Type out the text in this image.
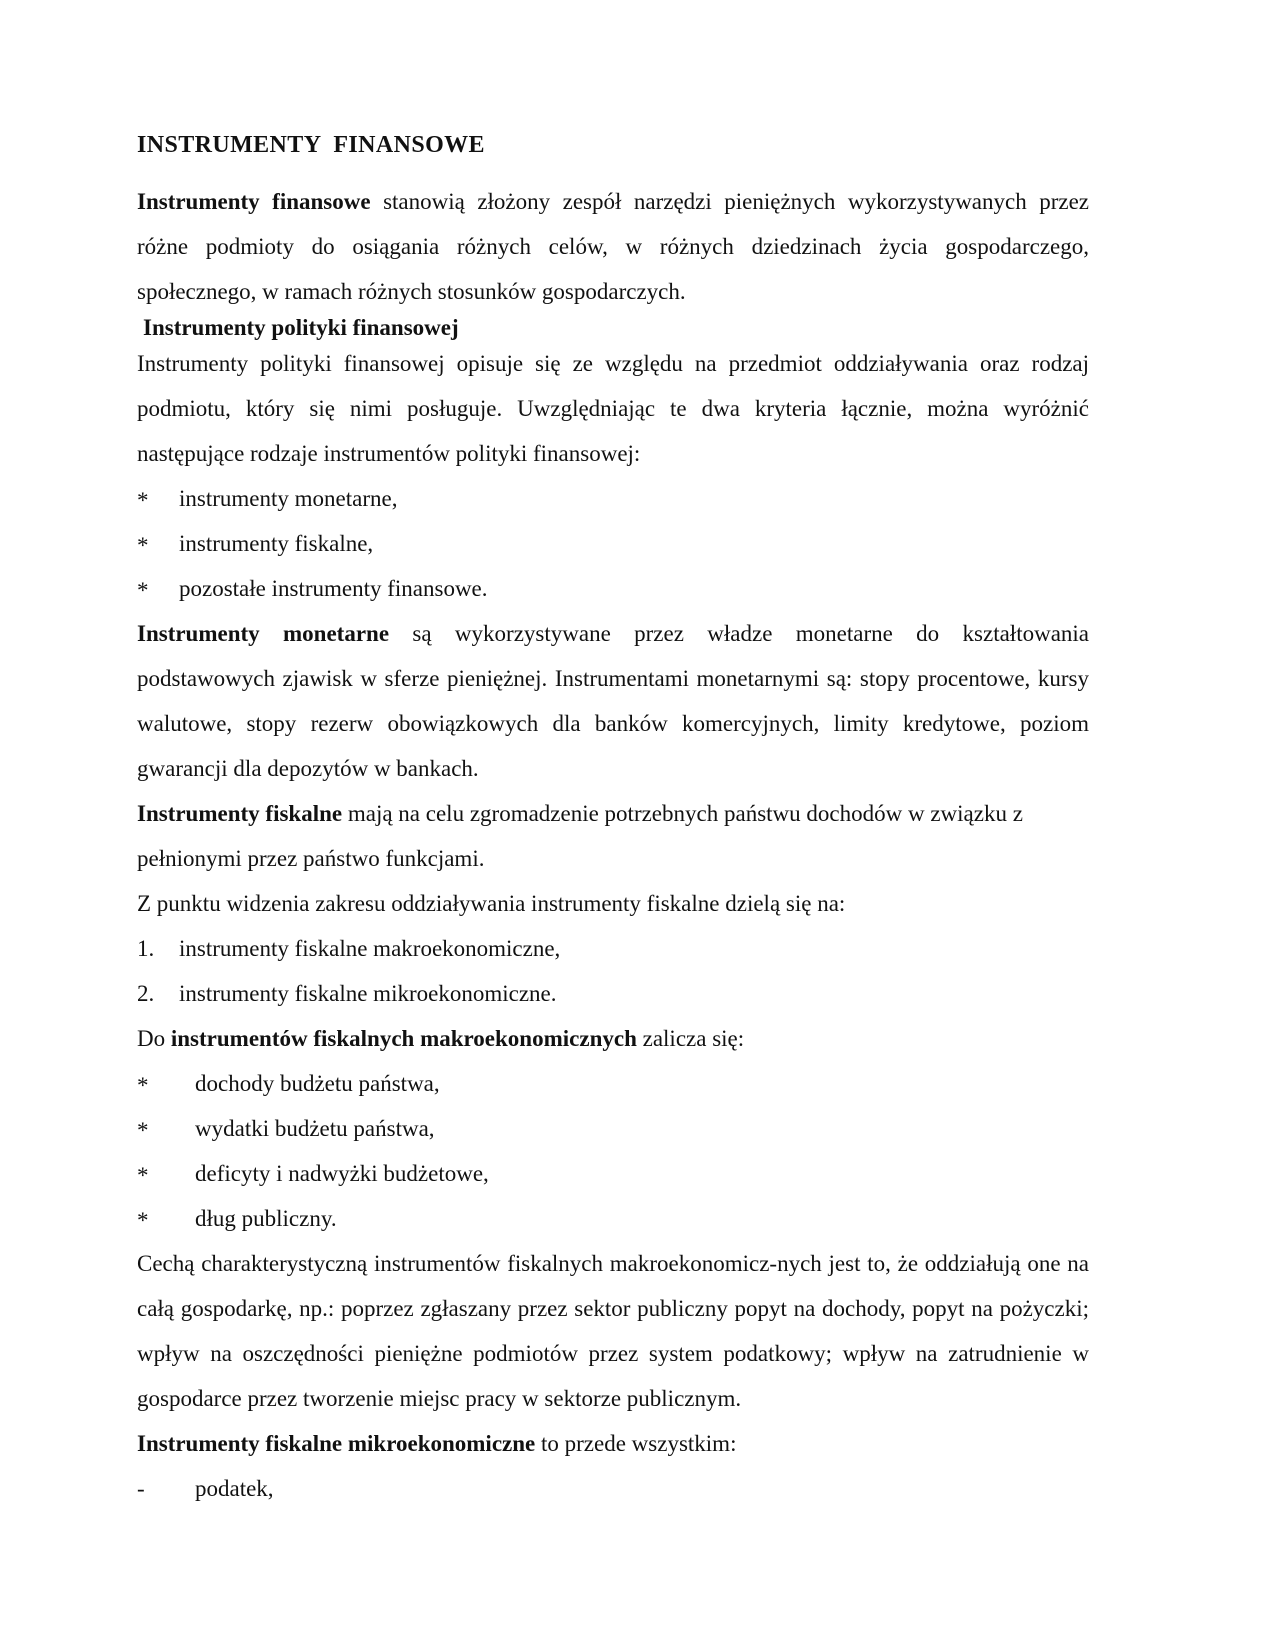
INSTRUMENTY  FINANSOWE

Instrumenty finansowe stanowią złożony zespół narzędzi pieniężnych wykorzystywanych przez różne podmioty do osiągania różnych celów, w różnych dziedzinach życia gospodarczego, społecznego, w ramach różnych stosunków gospodarczych.

Instrumenty polityki finansowej

Instrumenty polityki finansowej opisuje się ze względu na przedmiot oddziaływania oraz rodzaj podmiotu, który się nimi posługuje. Uwzględniając te dwa kryteria łącznie, można wyróżnić następujące rodzaje instrumentów polityki finansowej:

* instrumenty monetarne,
* instrumenty fiskalne,
* pozostałe instrumenty finansowe.

Instrumenty monetarne są wykorzystywane przez władze monetarne do kształtowania podstawowych zjawisk w sferze pieniężnej. Instrumentami monetarnymi są: stopy procentowe, kursy walutowe, stopy rezerw obowiązkowych dla banków komercyjnych, limity kredytowe, poziom gwarancji dla depozytów w bankach.

Instrumenty fiskalne mają na celu zgromadzenie potrzebnych państwu dochodów w związku z pełnionymi przez państwo funkcjami.

Z punktu widzenia zakresu oddziaływania instrumenty fiskalne dzielą się na:

1. instrumenty fiskalne makroekonomiczne,
2. instrumenty fiskalne mikroekonomiczne.

Do instrumentów fiskalnych makroekonomicznych zalicza się:

* dochody budżetu państwa,
* wydatki budżetu państwa,
* deficyty i nadwyżki budżetowe,
* dług publiczny.

Cechą charakterystyczną instrumentów fiskalnych makroekonomicz-nych jest to, że oddziałują one na całą gospodarkę, np.: poprzez zgłaszany przez sektor publiczny popyt na dochody, popyt na pożyczki; wpływ na oszczędności pieniężne podmiotów przez system podatkowy; wpływ na zatrudnienie w gospodarce przez tworzenie miejsc pracy w sektorze publicznym.

Instrumenty fiskalne mikroekonomiczne to przede wszystkim:

- podatek,
